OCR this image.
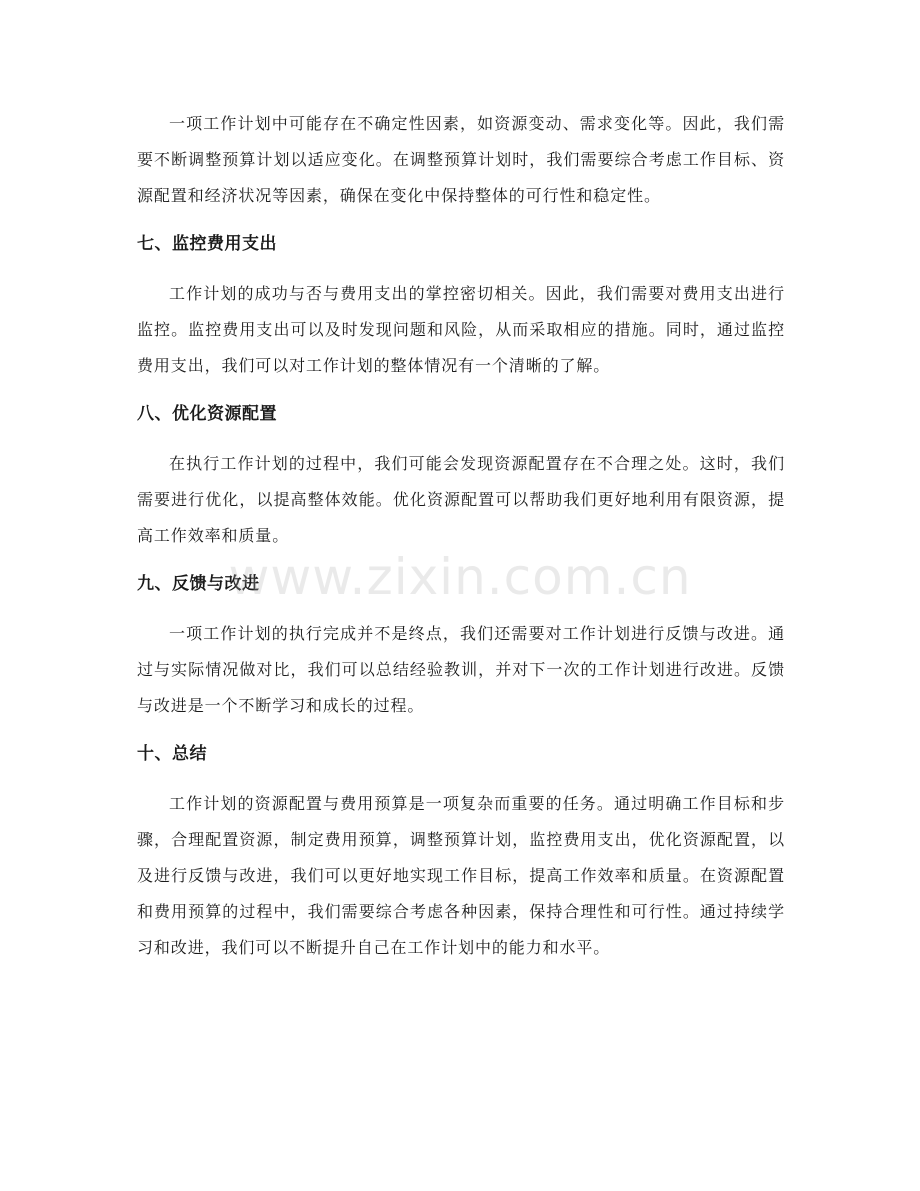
一项工作计划中可能存在不确定性因素，如资源变动、需求变化等。因此，我们需要不断调整预算计划以适应变化。在调整预算计划时，我们需要综合考虑工作目标、资源配置和经济状况等因素，确保在变化中保持整体的可行性和稳定性。

七、监控费用支出

工作计划的成功与否与费用支出的掌控密切相关。因此，我们需要对费用支出进行监控。监控费用支出可以及时发现问题和风险，从而采取相应的措施。同时，通过监控费用支出，我们可以对工作计划的整体情况有一个清晰的了解。

八、优化资源配置

在执行工作计划的过程中，我们可能会发现资源配置存在不合理之处。这时，我们需要进行优化，以提高整体效能。优化资源配置可以帮助我们更好地利用有限资源，提高工作效率和质量。

九、反馈与改进

一项工作计划的执行完成并不是终点，我们还需要对工作计划进行反馈与改进。通过与实际情况做对比，我们可以总结经验教训，并对下一次的工作计划进行改进。反馈与改进是一个不断学习和成长的过程。

十、总结

工作计划的资源配置与费用预算是一项复杂而重要的任务。通过明确工作目标和步骤，合理配置资源，制定费用预算，调整预算计划，监控费用支出，优化资源配置，以及进行反馈与改进，我们可以更好地实现工作目标，提高工作效率和质量。在资源配置和费用预算的过程中，我们需要综合考虑各种因素，保持合理性和可行性。通过持续学习和改进，我们可以不断提升自己在工作计划中的能力和水平。

www.zixin.com.cn
